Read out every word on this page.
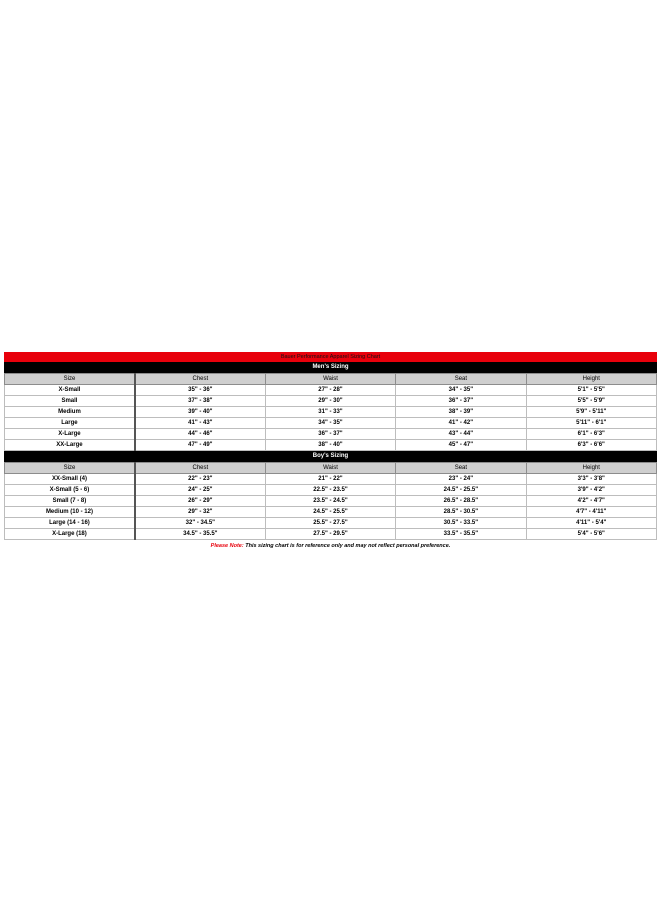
Bauer Performance Apparel Sizing Chart
Men's Sizing
Size	Chest	Waist	Seat	Height
X-Small	35" - 36"	27" - 28"	34" - 35"	5'1" - 5'5"
Small	37" - 38"	29" - 30"	36" - 37"	5'5" - 5'9"
Medium	39" - 40"	31" - 33"	38" - 39"	5'9" - 5'11"
Large	41" - 43"	34" - 35"	41" - 42"	5'11" - 6'1"
X-Large	44" - 46"	36" - 37"	43" - 44"	6'1" - 6'3"
XX-Large	47" - 49"	38" - 40"	45" - 47"	6'3" - 6'6"
Boy's Sizing
Size	Chest	Waist	Seat	Height
XX-Small (4)	22" - 23"	21" - 22"	23" - 24"	3'3" - 3'8"
X-Small (5 - 6)	24" - 25"	22.5" - 23.5"	24.5" - 25.5"	3'9" - 4'2"
Small (7 - 8)	26" - 29"	23.5" - 24.5"	26.5" - 28.5"	4'2" - 4'7"
Medium (10 - 12)	29" - 32"	24.5" - 25.5"	28.5" - 30.5"	4'7" - 4'11"
Large (14 - 16)	32" - 34.5"	25.5" - 27.5"	30.5" - 33.5"	4'11" - 5'4"
X-Large (18)	34.5" - 35.5"	27.5" - 29.5"	33.5" - 35.5"	5'4" - 5'6"
Please Note: This sizing chart is for reference only and may not reflect personal preference.
